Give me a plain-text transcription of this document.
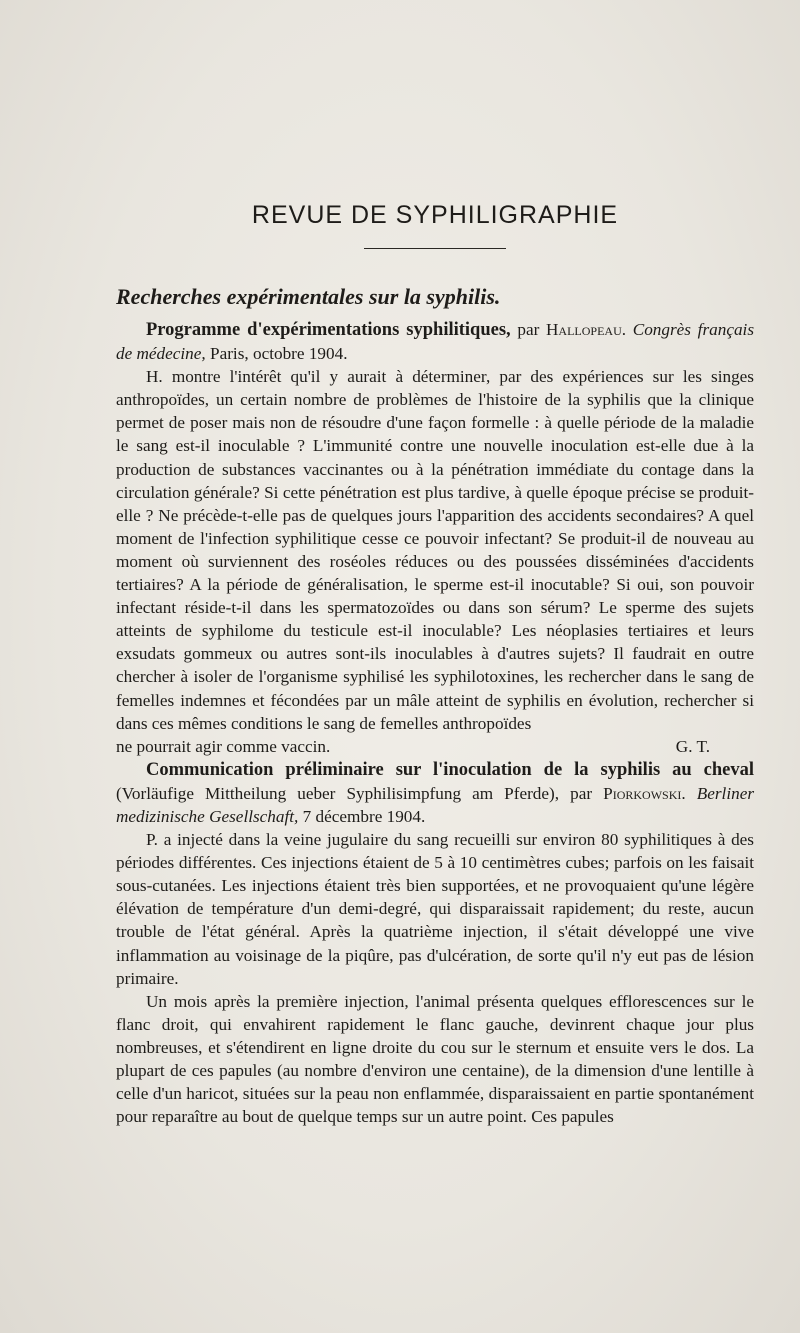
REVUE DE SYPHILIGRAPHIE
Recherches expérimentales sur la syphilis.

Programme d'expérimentations syphilitiques, par Hallopeau. Congrès français de médecine, Paris, octobre 1904.

H. montre l'intérêt qu'il y aurait à déterminer, par des expériences sur les singes anthropoïdes, un certain nombre de problèmes de l'histoire de la syphilis que la clinique permet de poser mais non de résoudre d'une façon formelle : à quelle période de la maladie le sang est-il inoculable ? L'immunité contre une nouvelle inoculation est-elle due à la production de substances vaccinantes ou à la pénétration immédiate du contage dans la circulation générale? Si cette pénétration est plus tardive, à quelle époque précise se produit-elle ? Ne précède-t-elle pas de quelques jours l'apparition des accidents secondaires? A quel moment de l'infection syphilitique cesse ce pouvoir infectant? Se produit-il de nouveau au moment où surviennent des roséoles réduces ou des poussées disséminées d'accidents tertiaires? A la période de généralisation, le sperme est-il inocutable? Si oui, son pouvoir infectant réside-t-il dans les spermatozoïdes ou dans son sérum? Le sperme des sujets atteints de syphilome du testicule est-il inoculable? Les néoplasies tertiaires et leurs exsudats gommeux ou autres sont-ils inoculables à d'autres sujets? Il faudrait en outre chercher à isoler de l'organisme syphilisé les syphilotoxines, les rechercher dans le sang de femelles indemnes et fécondées par un mâle atteint de syphilis en évolution, rechercher si dans ces mêmes conditions le sang de femelles anthropoïdes

ne pourrait agir comme vaccin.	G. T.

Communication préliminaire sur l'inoculation de la syphilis au cheval (Vorläufige Mittheilung ueber Syphilisimpfung am Pferde), par Piorkowski. Berliner medizinische Gesellschaft, 7 décembre 1904.

P. a injecté dans la veine jugulaire du sang recueilli sur environ 80 syphilitiques à des périodes différentes. Ces injections étaient de 5 à 10 centimètres cubes; parfois on les faisait sous-cutanées. Les injections étaient très bien supportées, et ne provoquaient qu'une légère élévation de température d'un demi-degré, qui disparaissait rapidement; du reste, aucun trouble de l'état général. Après la quatrième injection, il s'était développé une vive inflammation au voisinage de la piqûre, pas d'ulcération, de sorte qu'il n'y eut pas de lésion primaire.

Un mois après la première injection, l'animal présenta quelques efflorescences sur le flanc droit, qui envahirent rapidement le flanc gauche, devinrent chaque jour plus nombreuses, et s'étendirent en ligne droite du cou sur le sternum et ensuite vers le dos. La plupart de ces papules (au nombre d'environ une centaine), de la dimension d'une lentille à celle d'un haricot, situées sur la peau non enflammée, disparaissaient en partie spontanément pour reparaître au bout de quelque temps sur un autre point. Ces papules
